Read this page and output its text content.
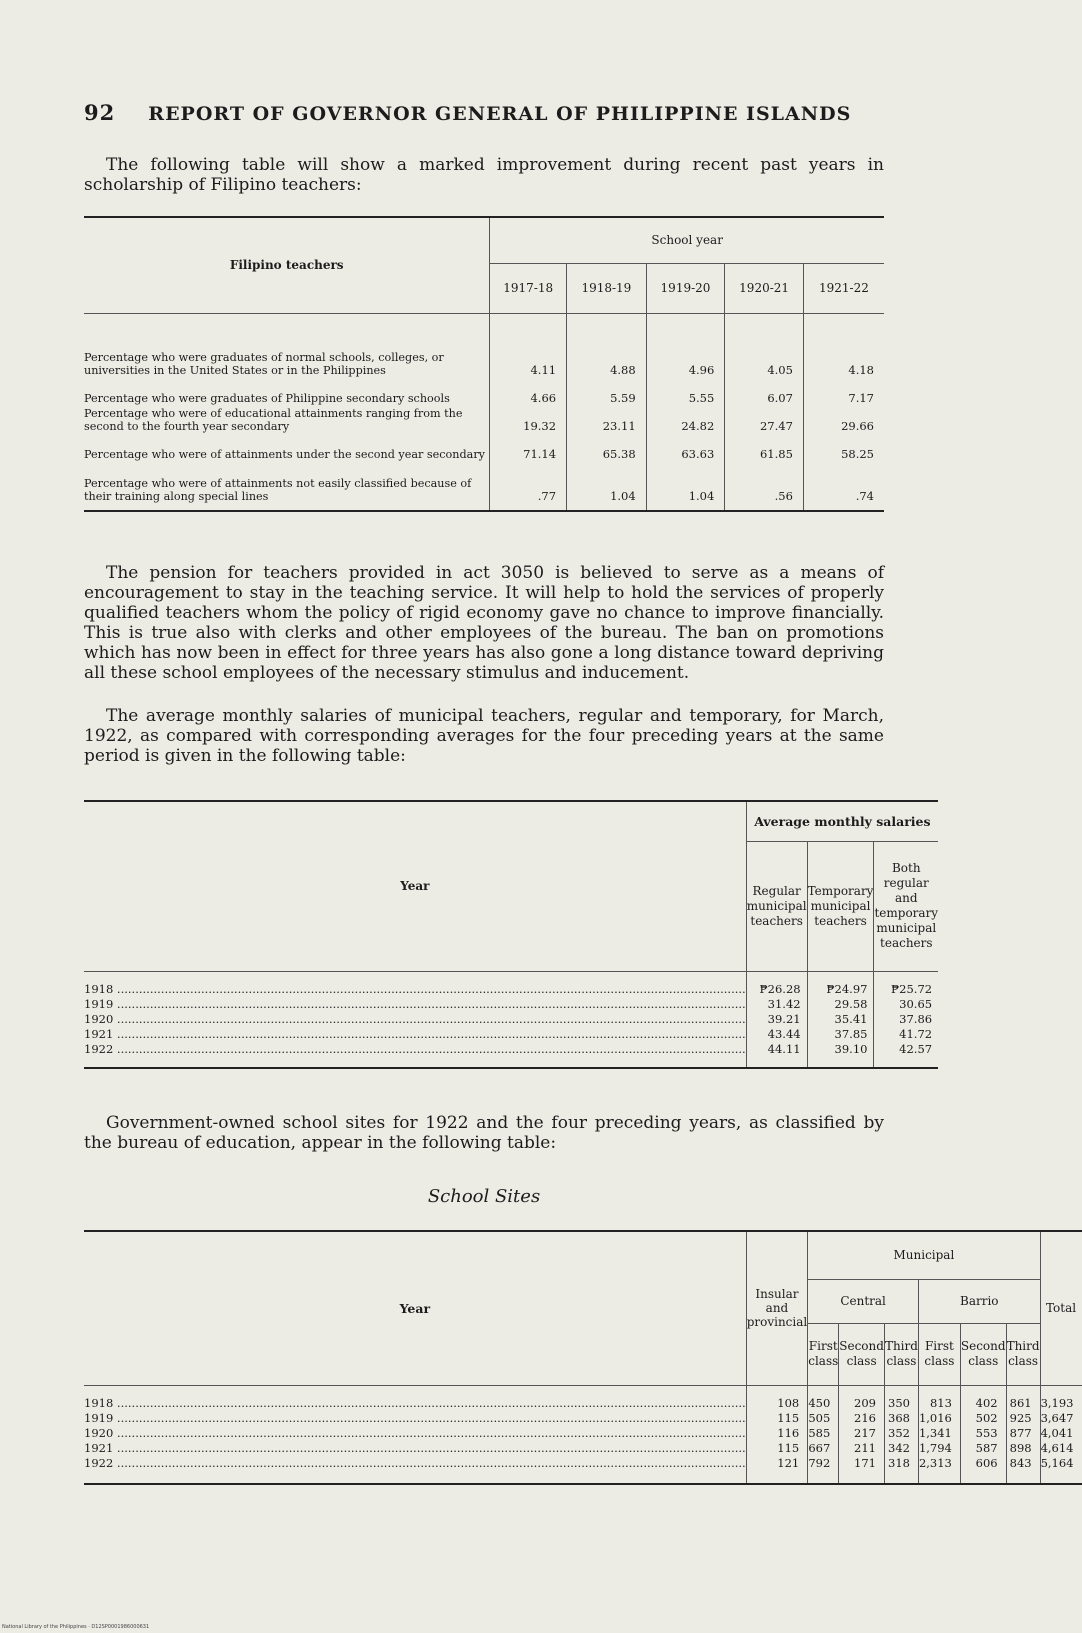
92 REPORT OF GOVERNOR GENERAL OF PHILIPPINE ISLANDS
The following table will show a marked improvement during recent past years in scholarship of Filipino teachers:
Filipino teachers	School year				
	1917-18	1918-19	1919-20	1920-21	1921-22

Percentage who were graduates of normal schools, colleges, or universities in the United States or in the Philippines	4.11	4.88	4.96	4.05	4.18
Percentage who were graduates of Philippine secondary schools	4.66	5.59	5.55	6.07	7.17
Percentage who were of educational attainments ranging from the second to the fourth year secondary	19.32	23.11	24.82	27.47	29.66
Percentage who were of attainments under the second year secondary	71.14	65.38	63.63	61.85	58.25
Percentage who were of attainments not easily classified because of their training along special lines	.77	1.04	1.04	.56	.74

The pension for teachers provided in act 3050 is believed to serve as a means of encouragement to stay in the teaching service. It will help to hold the services of properly qualified teachers whom the policy of rigid economy gave no chance to improve financially. This is true also with clerks and other employees of the bureau. The ban on promotions which has now been in effect for three years has also gone a long distance toward depriving all these school employees of the necessary stimulus and inducement.
The average monthly salaries of municipal teachers, regular and temporary, for March, 1922, as compared with corresponding averages for the four preceding years at the same period is given in the following table:
Year	Average monthly salaries		
	Regular municipal teachers	Temporary municipal teachers	Both regular and temporary municipal teachers

1918 .....	₱26.28	₱24.97	₱25.72
1919 .....	31.42	29.58	30.65
1920 .....	39.21	35.41	37.86
1921 .....	43.44	37.85	41.72
1922 .....	44.11	39.10	42.57

Government-owned school sites for 1922 and the four preceding years, as classified by the bureau of education, appear in the following table:
School Sites
Year	Insular and provincial	Municipal						Total
		Central			Barrio			
		First class	Second class	Third class	First class	Second class	Third class	

1918 .....	108	450	209	350	813	402	861	3,193
1919 .....	115	505	216	368	1,016	502	925	3,647
1920 .....	116	585	217	352	1,341	553	877	4,041
1921 .....	115	667	211	342	1,794	587	898	4,614
1922 .....	121	792	171	318	2,313	606	843	5,164

National Library of the Philippines · D12SP0001986000631
